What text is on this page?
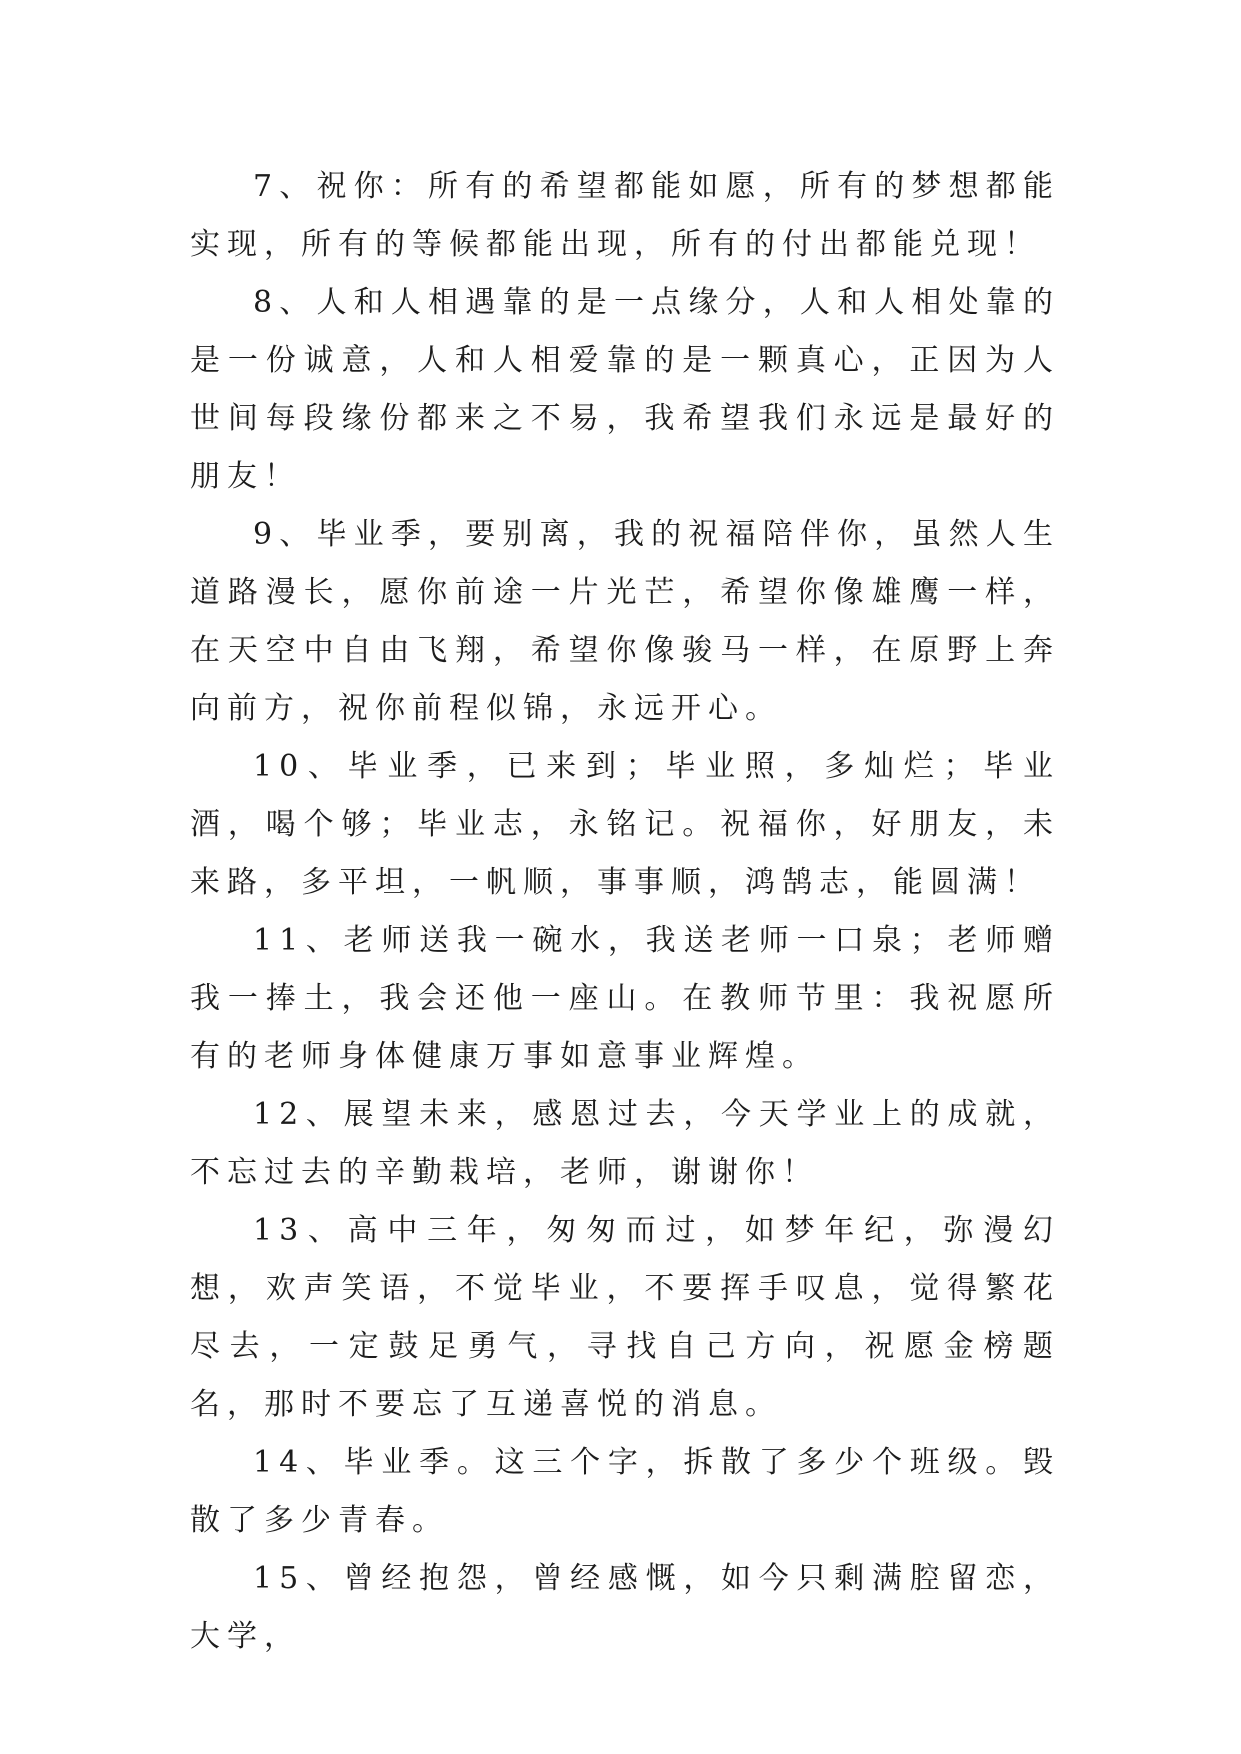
7、祝你：所有的希望都能如愿，所有的梦想都能实现，所有的等候都能出现，所有的付出都能兑现！

8、人和人相遇靠的是一点缘分，人和人相处靠的是一份诚意，人和人相爱靠的是一颗真心，正因为人世间每段缘份都来之不易，我希望我们永远是最好的朋友！

9、毕业季，要别离，我的祝福陪伴你，虽然人生道路漫长，愿你前途一片光芒，希望你像雄鹰一样，在天空中自由飞翔，希望你像骏马一样，在原野上奔向前方，祝你前程似锦，永远开心。

10、毕业季，已来到；毕业照，多灿烂；毕业酒，喝个够；毕业志，永铭记。祝福你，好朋友，未来路，多平坦，一帆顺，事事顺，鸿鹄志，能圆满！

11、老师送我一碗水，我送老师一口泉；老师赠我一捧土，我会还他一座山。在教师节里：我祝愿所有的老师身体健康万事如意事业辉煌。

12、展望未来，感恩过去，今天学业上的成就，不忘过去的辛勤栽培，老师，谢谢你！

13、高中三年，匆匆而过，如梦年纪，弥漫幻想，欢声笑语，不觉毕业，不要挥手叹息，觉得繁花尽去，一定鼓足勇气，寻找自己方向，祝愿金榜题名，那时不要忘了互递喜悦的消息。

14、毕业季。这三个字，拆散了多少个班级。毁散了多少青春。

15、曾经抱怨，曾经感慨，如今只剩满腔留恋，大学，
